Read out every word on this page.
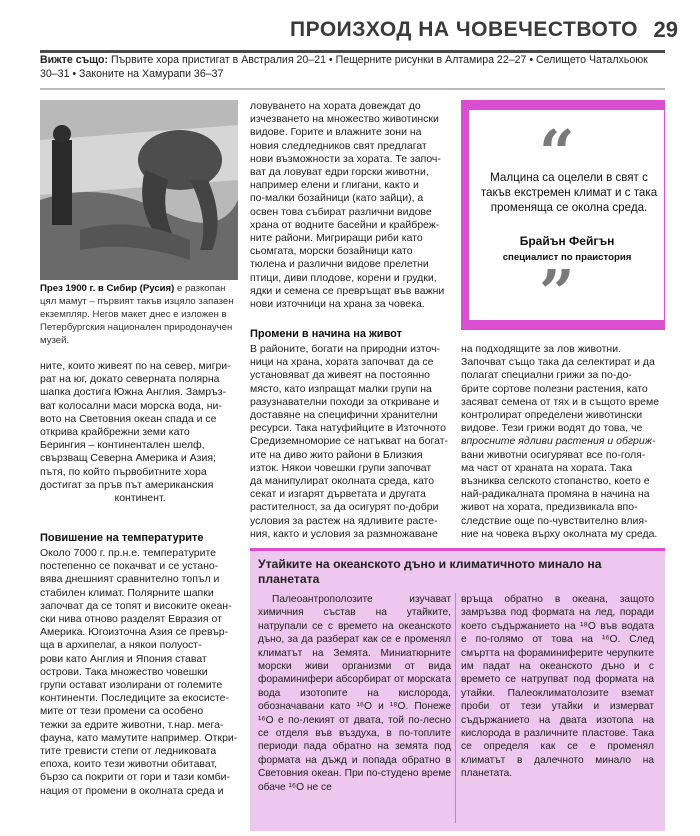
ПРОИЗХОД НА ЧОВЕЧЕСТВОТО 29
Вижте също: Първите хора пристигат в Австралия 20–21 • Пещерните рисунки в Алтамира 22–27 • Селището Чаталхьоюк 30–31 • Законите на Хамурапи 36–37
През 1900 г. в Сибир (Русия) е разкопан цял мамут – първият такъв изцяло запазен екземпляр. Негов макет днес е изложен в Петербургския национален природонаучен музей.
ните, които живеят по на север, мигри-
рат на юг, докато северната полярна
шапка достига Южна Англия. Замръз-
ват колосални маси морска вода, ни-
вото на Световния океан спада и се
открива крайбрежни земи като
Берингия – континентален шелф,
свързващ Северна Америка и Азия;
пътя, по който първобитните хора
достигат за пръв път американския
континент.
Повишение на температурите
Около 7000 г. пр.н.е. температурите
постепенно се покачват и се устано-
вява днешният сравнително топъл и
стабилен климат. Полярните шапки
започват да се топят и високите океан-
ски нива отново разделят Евразия от
Америка. Югоизточна Азия се превър-
ща в архипелаг, а някои полуост-
рови като Англия и Япония стават
острови. Така множество човешки
групи остават изолирани от големите
континенти. Последиците за екосисте-
мите от тези промени са особено
тежки за едрите животни, т.нар. мега-
фауна, като мамутите например. Откри-
тите тревисти степи от ледниковата
епоха, които тези животни обитават,
бързо са покрити от гори и тази комби-
нация от промени в околната среда и
ловуването на хората довеждат до
изчезването на множество животински
видове. Горите и влажните зони на
новия следледников свят предлагат
нови възможности за хората. Те започ-
ват да ловуват едри горски животни,
например елени и глигани, както и
по-малки бозайници (като зайци), а
освен това събират различни видове
храна от водните басейни и крайбреж-
ните райони. Мигриращи риби като
сьомгата, морски бозайници като
тюлена и различни видове прелетни
птици, диви плодове, корени и грудки,
ядки и семена се превръщат във важни
нови източници на храна за човека.
Промени в начина на живот
В районите, богати на природни източ-
ници на храна, хората започват да се
установяват да живеят на постоянно
място, като изпращат малки групи на
разузнавателни походи за откриване и
доставяне на специфични хранителни
ресурси. Така натуфийците в Източното
Средиземноморие се натъкват на богат-
ите на диво жито райони в Близкия
изток. Някои човешки групи започват
да манипулират околната среда, като
секат и изгарят дърветата и другата
растителност, за да осигурят по-добри
условия за растеж на ядливите расте-
ния, както и условия за размножаване
“
Малцина са оцелели в свят с такъв екстремен климат и с така променяща се околна среда.
Брайън Фейгън
специалист по праистория
”
на подходящите за лов животни.
Започват също така да селектират и да
полагат специални грижи за по-до-
брите сортове полезни растения, като
засяват семена от тях и в същото време
контролират определени животински
видове. Тези грижи водят до това, че
впросните ядливи растения и обгриж-
вани животни осигуряват все по-голя-
ма част от храната на хората. Така
възниква селското стопанство, което е
най-радикалната промяна в начина на
живот на хората, предизвикала впо-
следствие още по-чувствително влия-
ние на човека върху околната му среда.
Утайките на океанското дъно и климатичното минало на планетата
Палеоантрополозите изучават химичния състав на утайките, натрупали се с времето на океанското дъно, за да разберат как се е променял климатът на Земята. Миниатюрните морски живи организми от вида фораминифери абсорбират от морската вода изотопите на кислорода, обозначавани като ¹⁶О и ¹⁸О. Понеже ¹⁶О е по-лекият от двата, той по-лесно се отделя във въздуха, в по-топлите периоди пада обратно на земята под формата на дъжд и попада обратно в Световния океан. При по-студено време обаче ¹⁶О не се
връща обратно в океана, защото замръзва под формата на лед, поради което съдържанието на ¹⁸О във водата е по-голямо от това на ¹⁶О. След смъртта на фораминиферите черупките им падат на океанското дъно и с времето се натрупват под формата на утайки. Палеоклиматолозите вземат проби от тези утайки и измерват съдържанието на двата изотопа на кислорода в различните пластове. Така се определя как се е променял климатът в далечното минало на планетата.
